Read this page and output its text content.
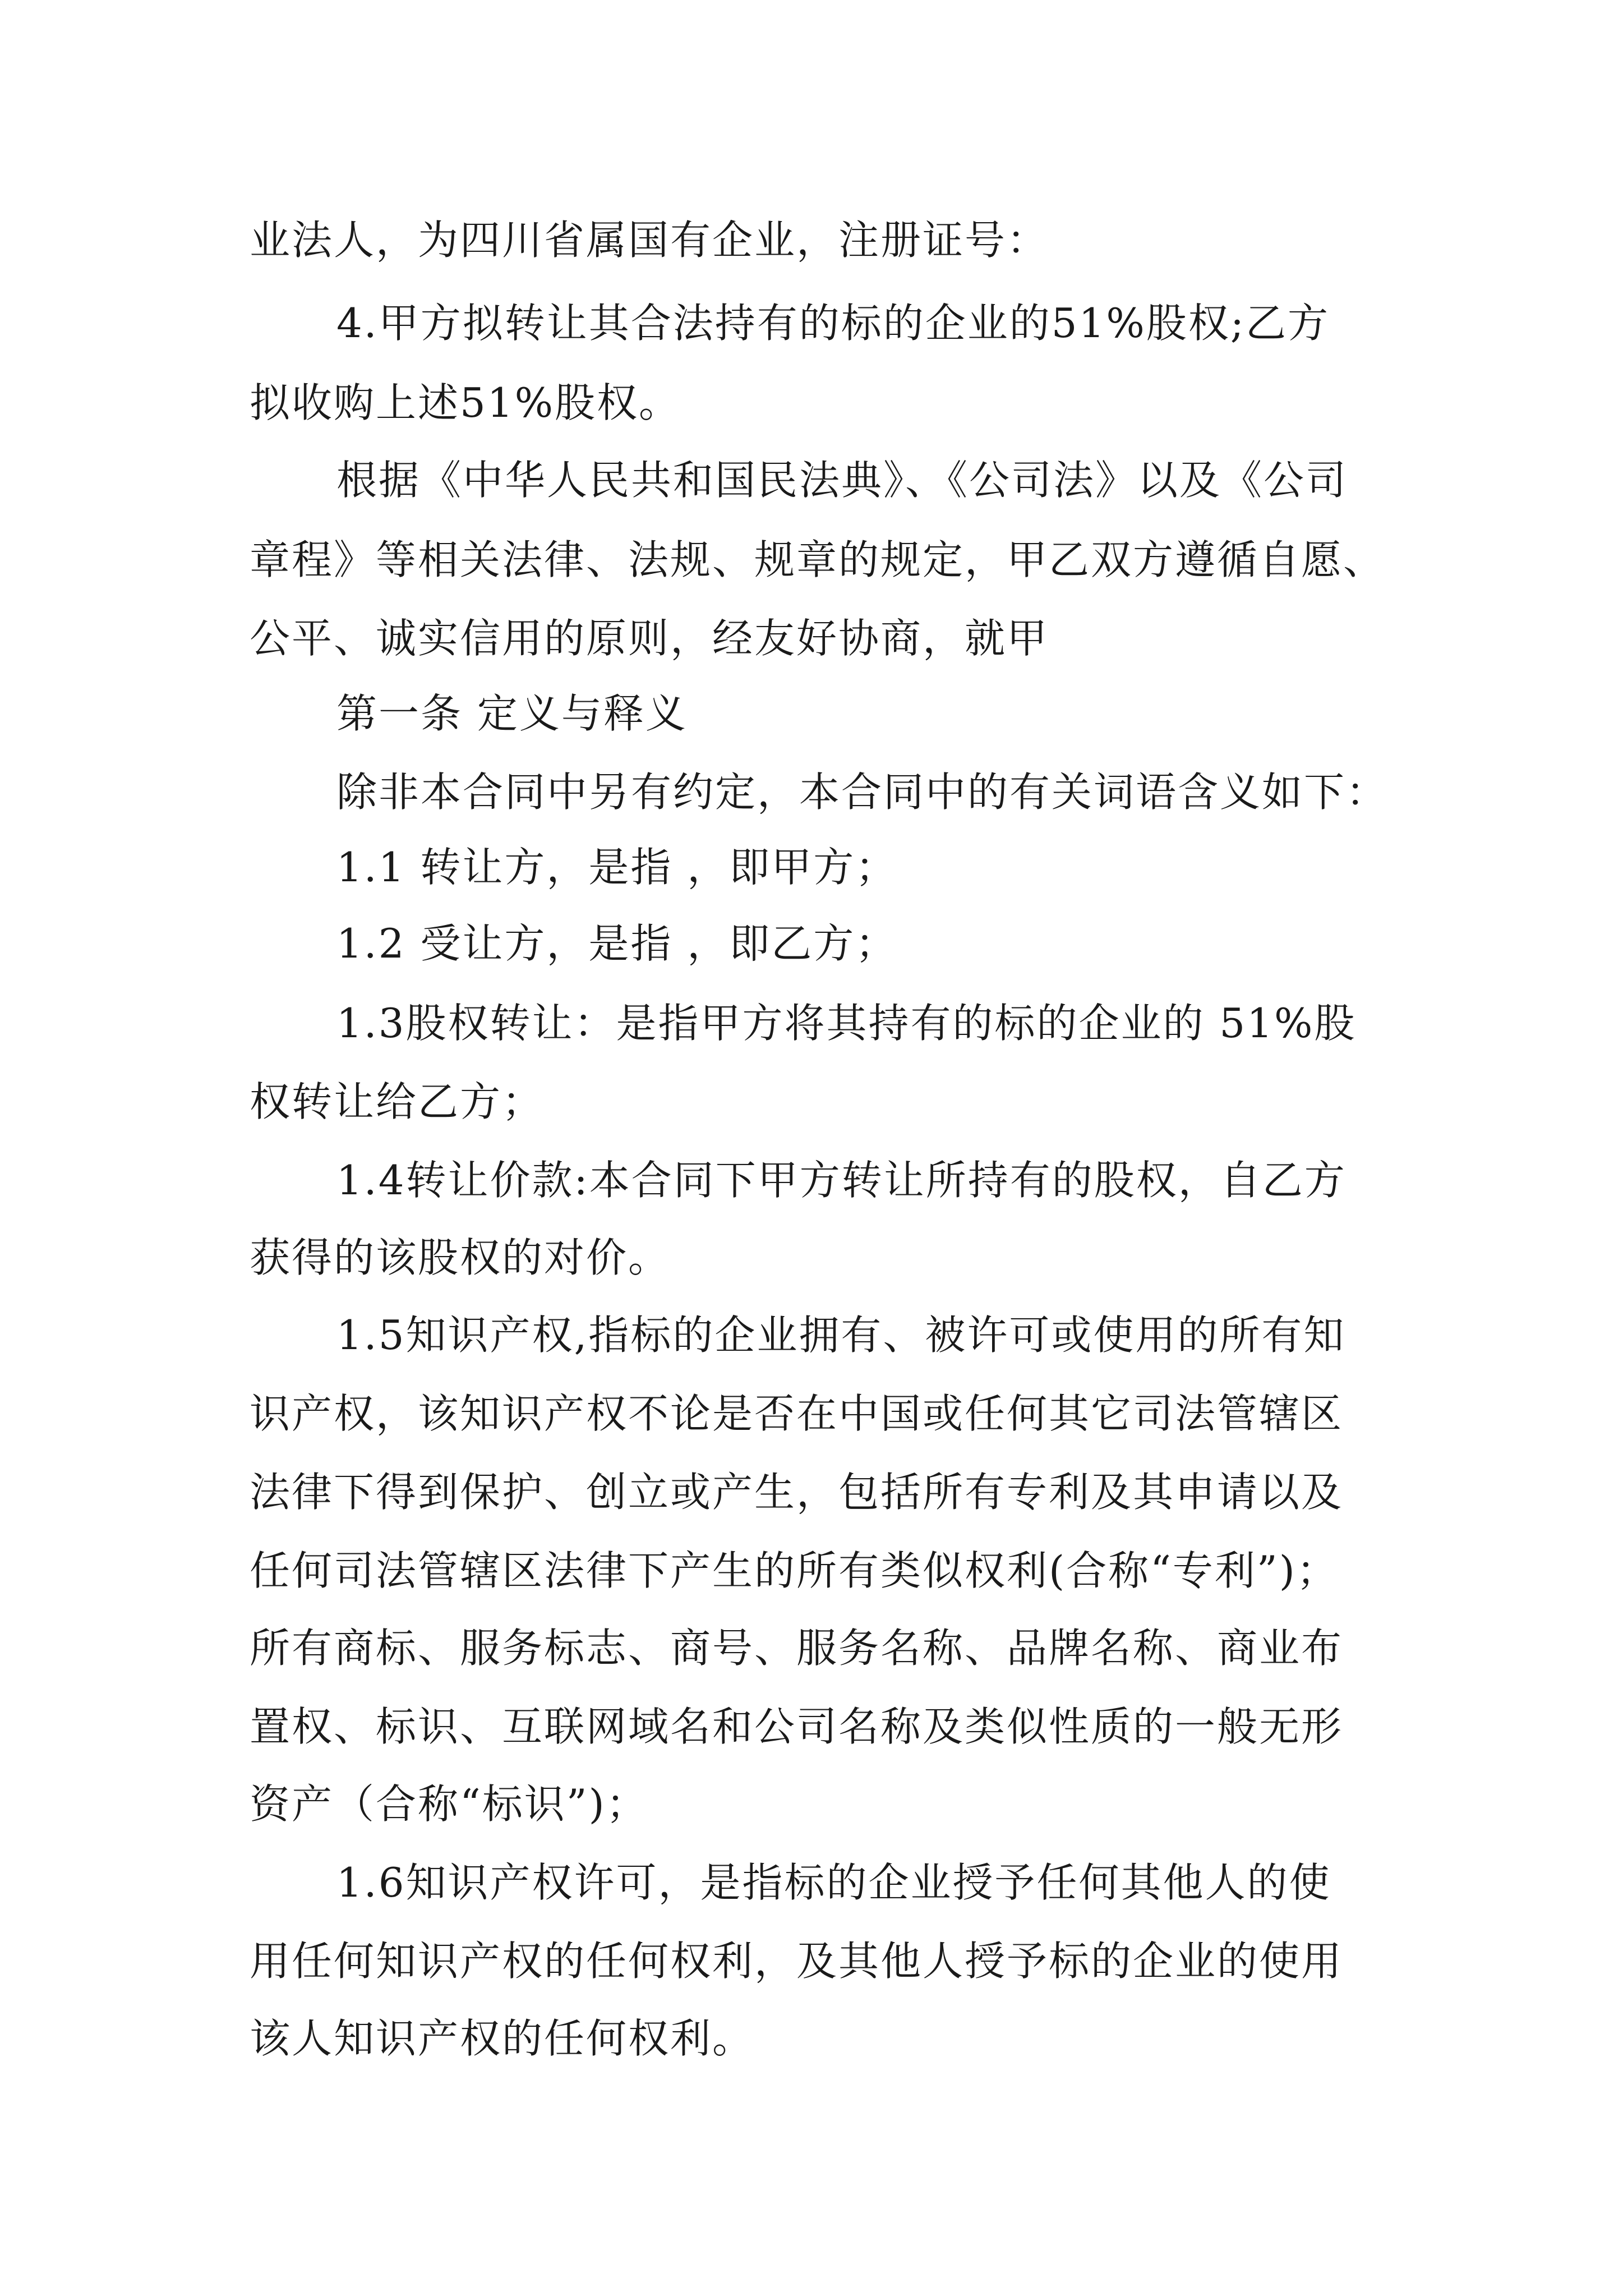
业法人，为四川省属国有企业，注册证号：
4.甲方拟转让其合法持有的标的企业的51%股权;乙方
拟收购上述51%股权。
根据《中华人民共和国民法典》、《公司法》以及《公司
章程》等相关法律、法规、规章的规定，甲乙双方遵循自愿、
公平、诚实信用的原则，经友好协商，就甲
第一条 定义与释义
除非本合同中另有约定，本合同中的有关词语含义如下：
1.1 转让方，是指 ，即甲方；
1.2 受让方，是指 ，即乙方；
1.3股权转让：是指甲方将其持有的标的企业的 51%股
权转让给乙方；
1.4转让价款:本合同下甲方转让所持有的股权，自乙方
获得的该股权的对价。
1.5知识产权,指标的企业拥有、被许可或使用的所有知
识产权，该知识产权不论是否在中国或任何其它司法管辖区
法律下得到保护、创立或产生，包括所有专利及其申请以及
任何司法管辖区法律下产生的所有类似权利(合称“专利”)；
所有商标、服务标志、商号、服务名称、品牌名称、商业布
置权、标识、互联网域名和公司名称及类似性质的一般无形
资产（合称“标识”)；
1.6知识产权许可，是指标的企业授予任何其他人的使
用任何知识产权的任何权利，及其他人授予标的企业的使用
该人知识产权的任何权利。
